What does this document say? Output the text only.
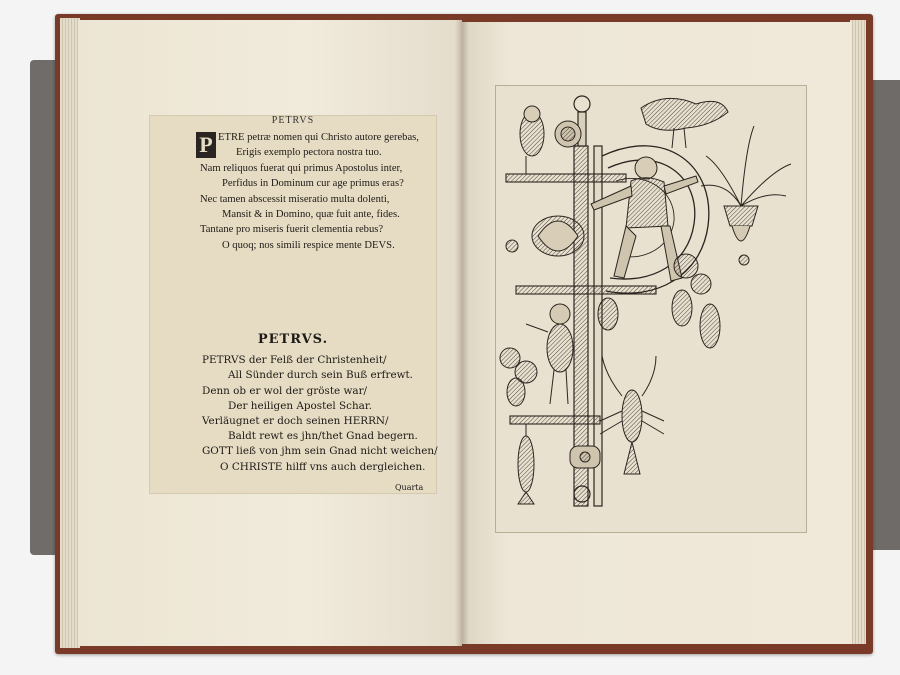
PETRVS
P ETRE petræ nomen qui Christo autore gerebas,
Erigis exemplo pectora nostra tuo.
Nam reliquos fuerat qui primus Apostolus inter,
Perfidus in Dominum cur age primus eras?
Nec tamen abscessit miseratio multa dolenti,
Mansit & in Domino, quæ fuit ante, fides.
Tantane pro miseris fuerit clementia rebus?
O quoq; nos simili respice mente DEVS.
PETRVS.
PETRVS der Felß der Christenheit/
All Sünder durch sein Buß erfrewt.
Denn ob er wol der gröste war/
Der heiligen Apostel Schar.
Verläugnet er doch seinen HERRN/
Baldt rewt es jhn/thet Gnad begern.
GOTT ließ von jhm sein Gnad nicht weichen/
O CHRISTE hilff vns auch dergleichen.
Quarta
